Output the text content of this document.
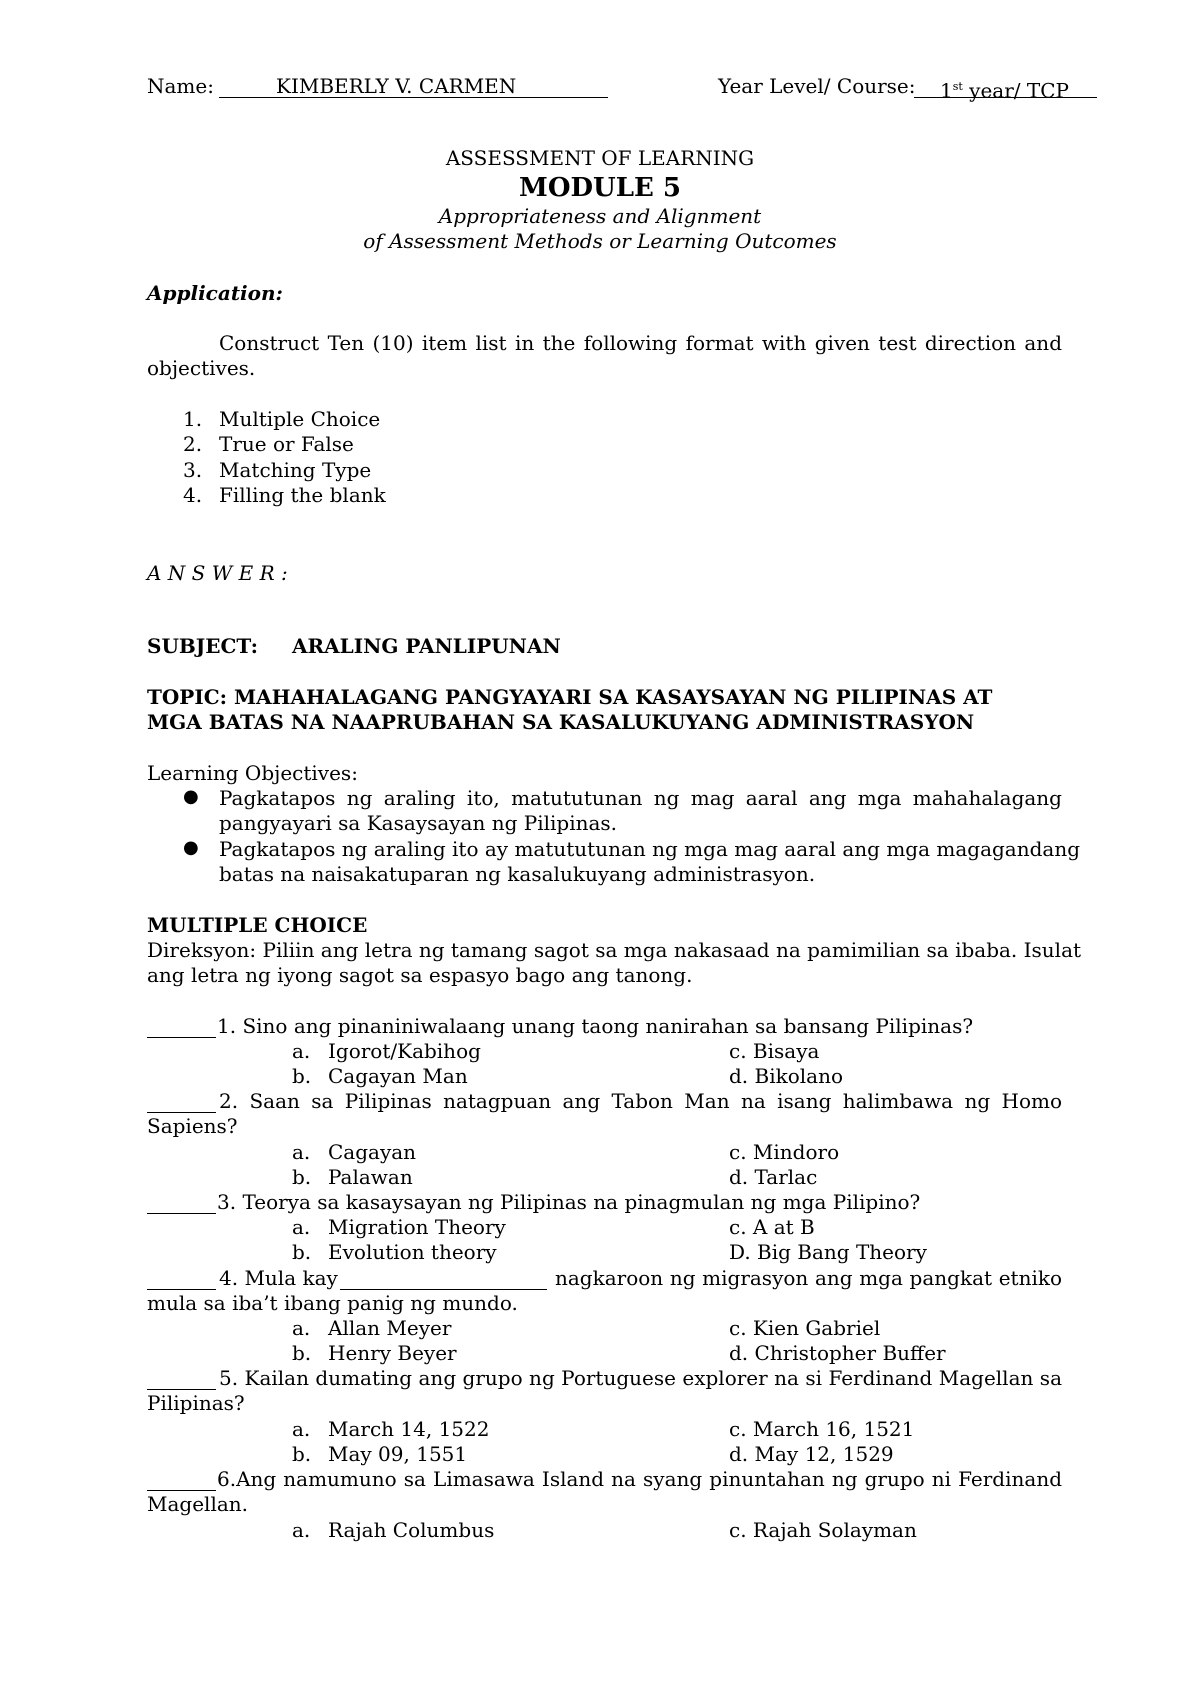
Name:	KIMBERLY V. CARMEN	Year Level/ Course: 1st year/ TCP
ASSESSMENT OF LEARNING
MODULE 5
Appropriateness and Alignment
of Assessment Methods or Learning Outcomes
Application:
Construct Ten (10) item list in the following format with given test direction and
objectives.
1. Multiple Choice
2. True or False
3. Matching Type
4. Filling the blank
A N S W E R :
SUBJECT: ARALING PANLIPUNAN
TOPIC: MAHAHALAGANG PANGYAYARI SA KASAYSAYAN NG PILIPINAS AT
MGA BATAS NA NAAPRUBAHAN SA KASALUKUYANG ADMINISTRASYON
Learning Objectives:
● Pagkatapos ng araling ito, matututunan ng mag aaral ang mga mahahalagang
pangyayari sa Kasaysayan ng Pilipinas.
● Pagkatapos ng araling ito ay matututunan ng mga mag aaral ang mga magagandang
batas na naisakatuparan ng kasalukuyang administrasyon.
MULTIPLE CHOICE
Direksyon: Piliin ang letra ng tamang sagot sa mga nakasaad na pamimilian sa ibaba. Isulat
ang letra ng iyong sagot sa espasyo bago ang tanong.
1. Sino ang pinaniniwalaang unang taong nanirahan sa bansang Pilipinas?
a. Igorot/Kabihog	c. Bisaya
b. Cagayan Man	d. Bikolano
2. Saan sa Pilipinas natagpuan ang Tabon Man na isang halimbawa ng Homo
Sapiens?
a. Cagayan	c. Mindoro
b. Palawan	d. Tarlac
3. Teorya sa kasaysayan ng Pilipinas na pinagmulan ng mga Pilipino?
a. Migration Theory	c. A at B
b. Evolution theory	D. Big Bang Theory
4. Mula kay	nagkaroon ng migrasyon ang mga pangkat etniko
mula sa iba’t ibang panig ng mundo.
a. Allan Meyer	c. Kien Gabriel
b. Henry Beyer	d. Christopher Buffer
5. Kailan dumating ang grupo ng Portuguese explorer na si Ferdinand Magellan sa
Pilipinas?
a. March 14, 1522	c. March 16, 1521
b. May 09, 1551	d. May 12, 1529
6.Ang namumuno sa Limasawa Island na syang pinuntahan ng grupo ni Ferdinand
Magellan.
a. Rajah Columbus	c. Rajah Solayman
